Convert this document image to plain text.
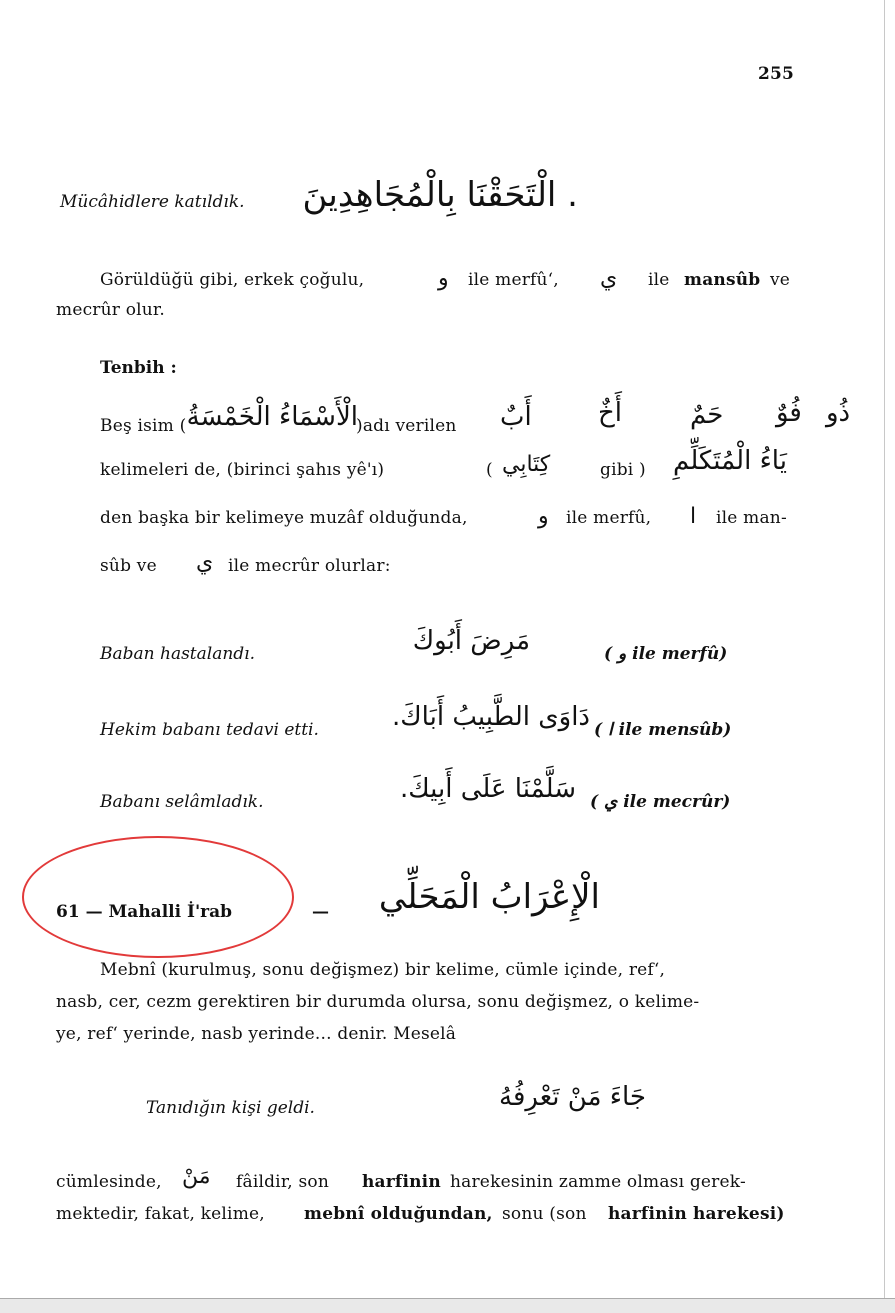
255
Mücâhidlere katıldık. . الْتَحَقْنَا بِالْمُجَاهِدِينَ
Görüldüğü gibi, erkek çoğulu,	و ile merfû‘, ي ile mansûb ve
mecrûr olur.
Tenbih :
Beş isim ( الْأَسْمَاءُ الْخَمْسَةُ
)adı verilen أَبٌ	أَخٌ	حَمٌ فُوٌ ذُو
kelimeleri de, (birinci şahıs yê'ı)	( كِتَابِي	gibi ) يَاءُ الْمُتَكَلِّمِ
den başka bir kelimeye muzâf olduğunda,	و ile merfû, ا ile man-
sûb ve ي ile mecrûr olurlar:
Baban hastalandı.	مَرِضَ أَبُوكَ	( و ile merfû)
Hekim babanı tedavi etti.	دَاوَى الطَّبِيبُ أَبَاكَ. ( ا ile mensûb)
Babanı selâmladık.	سَلَّمْنَا عَلَى أَبِيكَ. ( ي ile mecrûr)
61 — Mahalli İ'rab	— الْإِعْرَابُ الْمَحَلِّي
Mebnî (kurulmuş, sonu değişmez) bir kelime, cümle içinde, ref‘,
nasb, cer, cezm gerektiren bir durumda olursa, sonu değişmez, o kelime-
ye, ref‘ yerinde, nasb yerinde... denir. Meselâ
Tanıdığın kişi geldi.	جَاءَ مَنْ تَعْرِفُهُ
cümlesinde, مَنْ fâildir, son harfinin harekesinin zamme olması gerek-
mektedir, fakat, kelime, mebnî olduğundan, sonu (son harfinin harekesi)
